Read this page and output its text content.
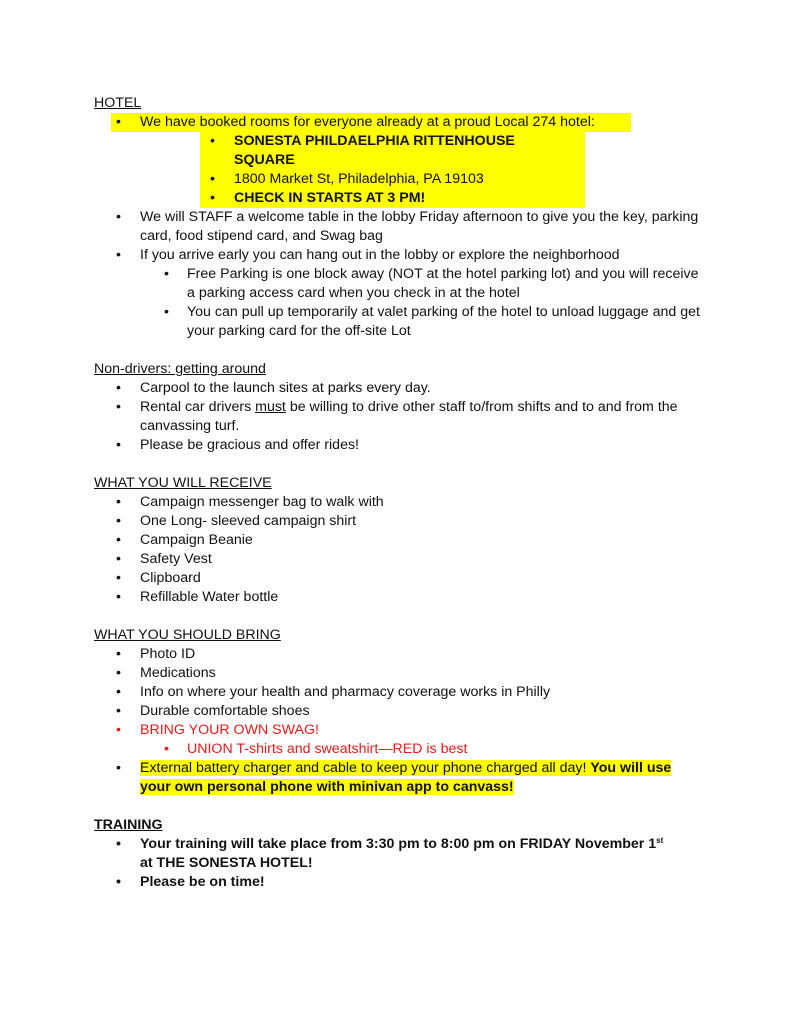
HOTEL
• We have booked rooms for everyone already at a proud Local 274 hotel:
• SONESTA PHILDAELPHIA RITTENHOUSE SQUARE
• 1800 Market St, Philadelphia, PA 19103
• CHECK IN STARTS AT 3 PM!
• We will STAFF a welcome table in the lobby Friday afternoon to give you the key, parking card, food stipend card, and Swag bag
• If you arrive early you can hang out in the lobby or explore the neighborhood
• Free Parking is one block away (NOT at the hotel parking lot) and you will receive a parking access card when you check in at the hotel
• You can pull up temporarily at valet parking of the hotel to unload luggage and get your parking card for the off-site Lot
Non-drivers: getting around
• Carpool to the launch sites at parks every day.
• Rental car drivers must be willing to drive other staff to/from shifts and to and from the canvassing turf.
• Please be gracious and offer rides!
WHAT YOU WILL RECEIVE
• Campaign messenger bag to walk with
• One Long- sleeved campaign shirt
• Campaign Beanie
• Safety Vest
• Clipboard
• Refillable Water bottle
WHAT YOU SHOULD BRING
• Photo ID
• Medications
• Info on where your health and pharmacy coverage works in Philly
• Durable comfortable shoes
• BRING YOUR OWN SWAG!
• UNION T-shirts and sweatshirt—RED is best
• External battery charger and cable to keep your phone charged all day! You will use your own personal phone with minivan app to canvass!
TRAINING
• Your training will take place from 3:30 pm to 8:00 pm on FRIDAY November 1st
at THE SONESTA HOTEL!
• Please be on time!
